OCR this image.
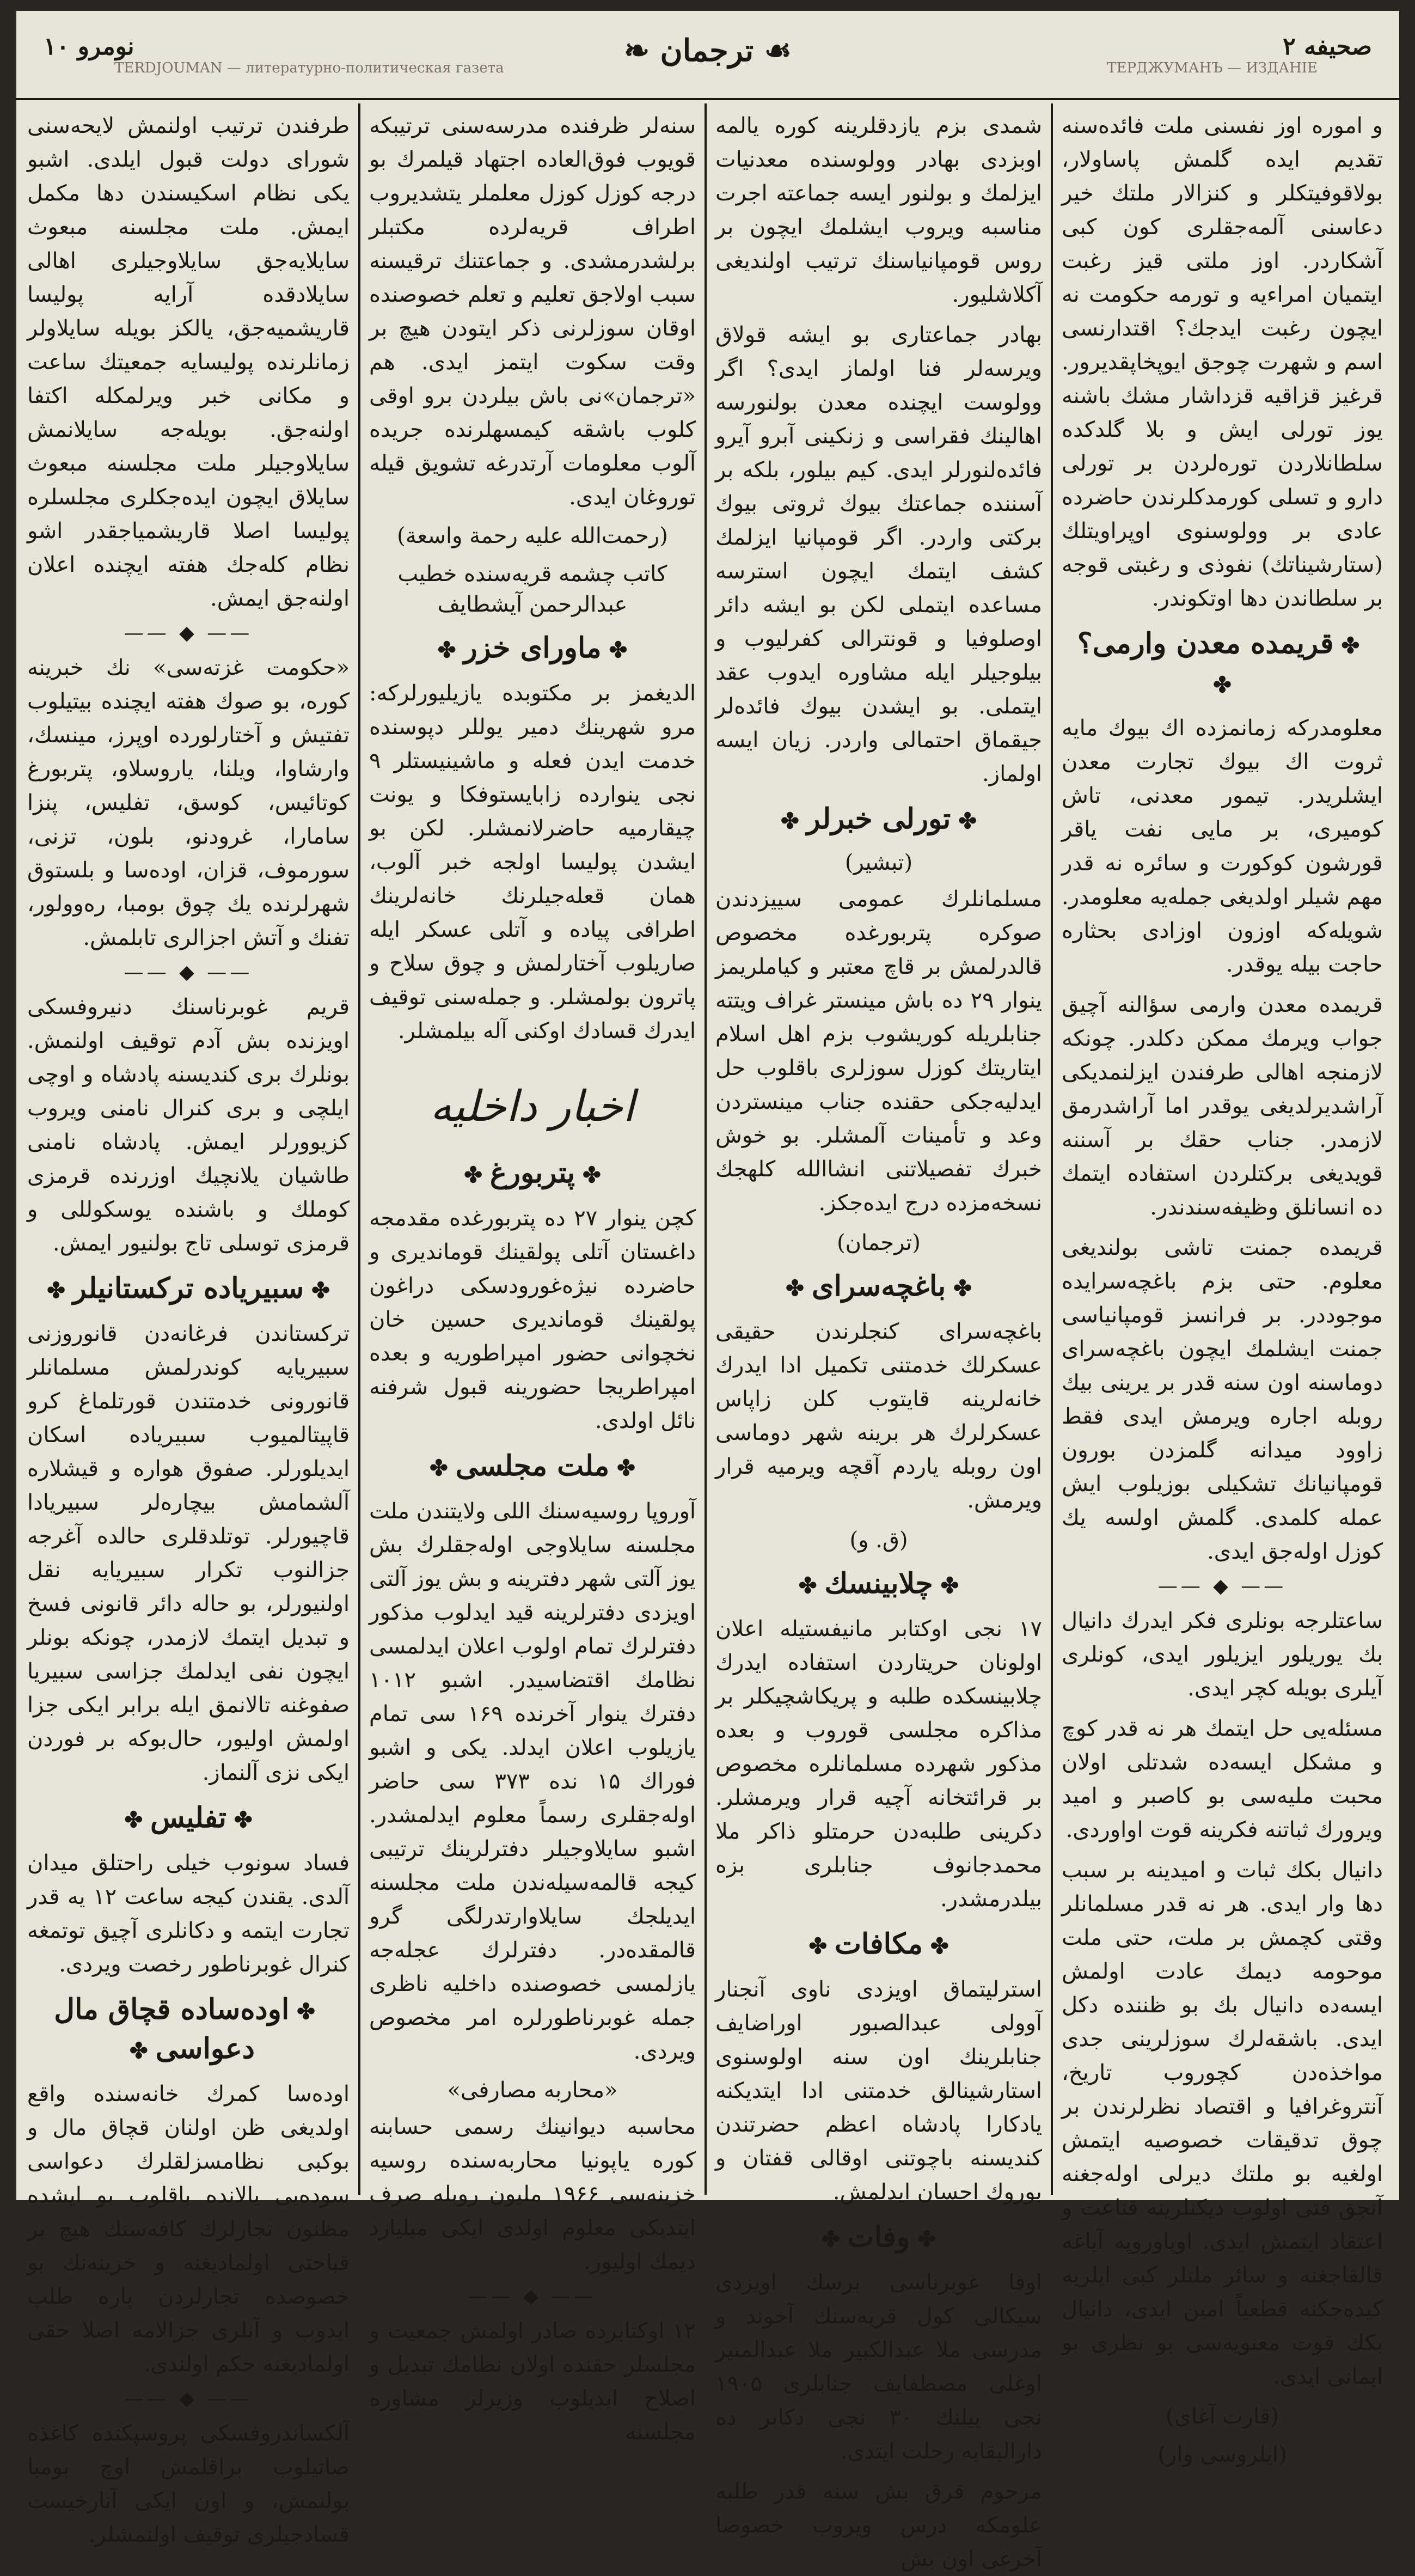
نومرو ۱۰	❧ ترجمان ☙	صحیفه ۲
TERDJOUMAN — литературно-политическая газета	ТЕРДЖУМАНЪ — ИЗДАНІЕ

و اموره اوز نفسنی ملت فائده‌سنه تقدیم ایده‌ گلمش پاساولار، بولاقوفیتکلر و کنزالار ملتك خیر دعاسنی آلمه‌جقلری کون کبی آشکاردر. اوز ملتی قیز رغبت ایتمیان امراءیه و تورمه حکومت نه ایچون رغبت ایدجك؟ اقتدارنسی اسم و شهرت چوجق ایوپخاپقدیرور. قرغیز قزاقیه قزداشار مشك باشنه یوز تورلی ایش و بلا گلدکده سلطانلاردن توره‌لردن بر تورلی دارو و تسلی کورمدکلرندن حاضرده عادی بر وولوسنوی اوپراویتلك (ستارشیناتك) نفوذی و رغبتی قوجه بر سلطاندن دها اوتکوندر.

✤قریمده معدن وارمی؟✤

معلومدرکه زمانمزده اك بیوك مایه ثروت اك بیوك تجارت معدن ایشلریدر. تیمور معدنی، تاش کومیری، بر مایی نفت یاقر قورشون کوکورت و سائره نه قدر مهم شیلر اولدیغی جمله‌یه معلومدر. شویله‌که اوزون اوزادی بحثاره حاجت بیله یوقدر.

قریمده معدن وارمی سؤالنه آچیق جواب ویرمك ممکن دکلدر. چونکه لازمنجه اهالی طرفندن ایزلنمدیکی آراشدیرلدیغی یوقدر اما آراشدرمق لازمدر. جناب حقك بر آسننه قویدیغی برکتلردن استفاده ایتمك ده انسانلق وظیفه‌سندندر.

قریمده جمنت تاشی بولندیغی معلوم. حتی بزم باغچه‌سرایده موجوددر. بر فرانسز قومپانیاسی جمنت ایشلمك ایچون باغچه‌سرای دوماسنه اون سنه قدر بر یرینی بیك روبله اجاره ویرمش ایدی فقط زاوود میدانه گلمزدن بورون قومپانیانك تشکیلی بوزیلوب ایش عمله کلمدی. گلمش اولسه یك کوزل اوله‌جق ایدی.

—— ◆ ——

ساعتلرجه بونلری فکر ایدرك دانیال بك یوریلور ایزیلور ایدی، کونلری آیلری بویله کچر ایدی.

مسئله‌یی حل ایتمك هر نه قدر کوچ و مشکل ایسه‌ده شدتلی اولان محبت ملیه‌سی بو کاصبر و امید ویرورك ثباتنه فکرینه قوت اواوردی.

دانیال بکك ثبات و امیدینه بر سبب دها وار ایدی. هر نه قدر مسلمانلر وقتی کچمش بر ملت، حتی ملت موحومه دیمك عادت اولمش ایسه‌ده دانیال بك بو ظننده دکل ایدی. باشقه‌لرك سوزلرینی جدی مواخذه‌دن کچوروب تاریخ، آنتروغرافیا و اقتصاد نظرلرندن بر چوق تدقیقات خصوصیه ایتمش اولغیه بو ملتك دیرلی اوله‌جغنه آنجق فتی اولوب دیکنلرینه قناعت و اعتقاد ایتمش ایدی. اوپاوروپه آیاغه قالقاجغنه و سائر ملتلر کبی ایلریه کیده‌جکنه قطعیاً امین ایدی، دانیال بکك قوت معنویه‌سی بو نظری بو ایمانی ایدی.

(قارت آغای)
(ایلروسی وار)

شمدی بزم یازدقلرینه کوره یالمه اوبزدی بهادر وولوسنده معدنیات ایزلمك و بولنور ایسه جماعته اجرت مناسبه ویروب ایشلمك ایچون بر روس قومپانیاسنك ترتیب اولندیغی آکلاشلیور.

بهادر جماعتاری بو ایشه قولاق ویرسه‌لر فنا اولماز ایدی؟ اگر وولوست ایچنده معدن بولنورسه اهالینك فقراسی و زنکینی آبرو آیرو فائده‌لنورلر ایدی. کیم بیلور، بلکه بر آسننده جماعتك بیوك ثروتی بیوك برکتی واردر. اگر قومپانیا ایزلمك کشف ایتمك ایچون استرسه مساعده ایتملی لکن بو ایشه دائر اوصلوفیا و قونترالی کفرلیوب و بیلوجیلر ایله مشاوره ایدوب عقد ایتملی. بو ایشدن بیوك فائده‌لر جیقماق احتمالی واردر. زیان ایسه اولماز.

✤تورلی خبرلر✤
(تبشیر)

مسلمانلرك عمومی سییزدندن صوکره پتربورغده مخصوص قالدرلمش بر قاچ معتبر و کیاملریمز ینوار ۲۹ ده باش مینستر غراف ویتته جنابلریله کوریشوب بزم اهل اسلام ایتاریتك کوزل سوزلری باقلوب حل ایدلیه‌جکی حقنده جناب مینستردن وعد و تأمینات آلمشلر. بو خوش خبرك تفصیلاتنی انشاالله کلهجك نسخه‌مزده درج ایده‌جکز.

(ترجمان)
✤باغچه‌سرای✤

باغچه‌سرای کنجلرندن حقیقی عسکرلك خدمتنی تکمیل ادا ایدرك خانه‌لرینه قایتوب کلن زاپاس عسکرلرك هر برینه شهر دوماسی اون روبله یاردم آقچه ویرمیه قرار ویرمش.

(ق. و)
✤چلابینسك✤

۱۷ نجی اوکتابر مانیفستیله اعلان اولونان حریتاردن استفاده ایدرك چلابینسکده طلبه و پریکاشچیکلر بر مذاکره مجلسی قوروب و بعده مذکور شهرده مسلمانلره مخصوص بر قرائتخانه آچیه قرار ویرمشلر. دکرینی طلبه‌دن حرمتلو ذاکر ملا محمدجانوف جنابلری بزه بیلدرمشدر.

✤مکافات✤

استرلیتماق اویزدی ناوی آنجنار آوولی عبدالصبور اوراضایف جنابلرینك اون سنه اولوسنوی استارشینالق خدمتنی ادا ایتدیکنه یادکارا پادشاه اعظم حضرتندن کندیسنه باچوتنی اوقالی قفتان و بوروك احسان ایدلمش.

✤وفات✤

اوفا غوبرناسی برسك اویزدی سیکالی کول قریه‌سنك آخوند و مدرسی ملا عبدالکبیر ملا عبدالمنیر اوغلی مصطفایف جنابلری ۱۹۰۵ نجی ییلنك ۳۰ نجی دکابر ده دارالبقایه رحلت ایتدی.

مرحوم قرق بش سنه قدر طلبه علومکه درس ویروب خصوصا آخرغی اون بش

سنه‌لر ظرفنده مدرسه‌سنی ترتیبکه قویوب فوق‌العاده اجتهاد قیلمرك بو درجه کوزل کوزل معلملر یتشدیروب اطراف قریه‌لرده مکتبلر برلشدرمشدی. و جماعتنك ترقیسنه سبب اولاجق تعلیم و تعلم خصوصنده اوقان سوزلرنی ذکر ایتودن هیچ بر وقت سکوت ایتمز ایدی. هم «ترجمان»نی باش بیلردن برو اوقی کلوب باشقه کیمسهلرنده جریده آلوب معلومات آرتدرغه تشویق قیله توروغان ایدی.

(رحمت‌الله علیه رحمة واسعة)
کاتب چشمه قریه‌سنده خطیب عبدالرحمن آیشطایف
✤ماورای خزر✤

الدیغمز بر مکتوبده یازیلیورلرکه: مرو شهرینك دمیر یوللر دپوسنده خدمت ایدن فعله و ماشینیستلر ۹ نجی ینوارده زابایستوفکا و یونت چیقارمیه حاضرلانمشلر. لکن بو ایشدن پولیسا اولجه خبر آلوب، همان قعله‌جیلرنك خانه‌لرینك اطرافی پیاده و آتلی عسکر ایله صاریلوب آختارلمش و چوق سلاح و پاترون بولمشلر. و جمله‌سنی توقیف ایدرك قسادك اوکنی آله بیلمشلر.

اخبار داخلیه
✤پتربورغ✤

کچن ینوار ۲۷ ده پتربورغده مقدمجه داغستان آتلی پولقینك قوماندیری و حاضرده نیژه‌غورودسکی دراغون پولقینك قوماندیری حسین خان نخچوانی حضور امپراطوریه و بعده امپراطریجا حضورینه قبول شرفنه نائل اولدی.

✤ملت مجلسی✤

آوروپا روسیه‌سنك اللی ولایتندن ملت مجلسنه سایلاوجی اوله‌جقلرك بش یوز آلتی شهر دفترینه و بش یوز آلتی اویزدی دفترلرینه قید ایدلوب مذکور دفترلرك تمام اولوب اعلان ایدلمسی نظامك اقتضاسیدر. اشبو ۱۰۱۲ دفترك ینوار آخرنده ۱۶۹ سی تمام یازیلوب اعلان ایدلد. یکی و اشبو فوراك ۱۵ نده ۳۷۳ سی حاضر اوله‌جقلری رسماً معلوم ایدلمشدر. اشبو سایلاوجیلر دفترلرینك ترتیبی کیجه قالمه‌سیله‌ندن ملت مجلسنه ایدیلجك سایلاوارتدرلگی گرو قالمقده‌در. دفترلرك عجله‌جه یازلمسی خصوصنده داخلیه ناظری جمله غوبرناطورلره امر مخصوص ویردی.

«محاربه مصارفی»

محاسبه دیوانینك رسمی حسابنه کوره یاپونیا محاربه‌سنده روسیه خزینه‌سی ۱۹۶۶ ملیون روبله صرف ایتدیکی معلوم اولدی ایکی میلیارد دیمك اولیور.

—— ◆ ——

۱۲ اوکتابرده صادر اولمش جمعیت و مجلسلر حقنده اولان نظامك تبدیل و اصلاح ایدیلوب وزیرلر مشاوره مجلسنه

طرفندن ترتیب اولنمش لایحه‌سنی شورای دولت قبول ایلدی. اشبو یکی نظام اسکیسندن دها مکمل ایمش. ملت مجلسنه مبعوث سایلایه‌جق سایلاوجیلری اهالی سایلادقده آرایه پولیسا قاریشمیه‌جق، یالکز بویله سایلاولر زمانلرنده پولیسایه جمعیتك ساعت و مکانی خبر ویرلمکله اکتفا اولنه‌جق. بویله‌جه سایلانمش سایلاوجیلر ملت مجلسنه مبعوث سایلاق ایچون ایده‌جکلری مجلسلره پولیسا اصلا قاریشمیاجقدر اشو نظام کله‌جك هفته ایچنده اعلان اولنه‌جق ایمش.

—— ◆ ——

«حکومت غزته‌سی» نك خبرینه کوره، بو صوك هفته ایچنده بیتیلوب تفتیش و آختارلورده اوپرز، مینسك، وارشاوا، ویلنا، یاروسلاو، پتربورغ کوتائیس، کوسق، تفلیس، پنزا سامارا، غرودنو، بلون، تزنی، سورموف، قزان، اوده‌سا و بلستوق شهرلرنده یك چوق بومبا، ره‌وولور، تفنك و آتش اجزالری تابلمش.

—— ◆ ——

قریم غوبرناسنك دنیروفسکی اویزنده بش آدم توقیف اولنمش. بونلرك بری کندیسنه پادشاه و اوچی ایلچی و بری کنرال نامنی ویروب کزیوورلر ایمش. پادشاه نامنی طاشیان یلانچیك اوزرنده قرمزی کوملك و باشنده یوسکوللی و قرمزی توسلی تاج بولنیور ایمش.

✤سبیریاده ترکستانیلر✤

ترکستاندن فرغانه‌دن قانوروزنی سبیریایه کوندرلمش مسلمانلر قانورونی خدمتندن قورتلماغ کرو قاپیتالمیوب سبیریاده اسکان ایدیلورلر. صفوق هواره و قیشلاره آلشمامش بیچاره‌لر سبیریادا قاچیورلر. توتلدقلری حالده آغرجه جزالنوب تکرار سبیریایه نقل اولنیورلر، بو حاله دائر قانونی فسخ و تبدیل ایتمك لازمدر، چونکه بونلر ایچون نفی ایدلمك جزاسی سبیریا صفوغنه تالانمق ایله برابر ایکی جزا اولمش اولیور، حال‌بوکه بر فوردن ایکی نزی آلنماز.

✤تفلیس✤

فساد سونوب خیلی راحتلق میدان آلدی. یقندن کیجه ساعت ۱۲ یه قدر تجارت ایتمه و دکانلری آچیق توتمغه کنرال غوبرناطور رخصت ویردی.

✤اوده‌ساده قچاق مال دعواسی✤

اوده‌سا کمرك خانه‌سنده واقع اولدیغی ظن اولنان قچاق مال و بوکبی نظامسزلقلرك دعواسی سوده‌یی یالانده باقلوب بو ایشده مظنون تجارلرك کافه‌سنك هیچ بر قباحتی اولمادیغنه و خزینه‌نك بو خصوصده تجارلردن پاره طلب ایدوب و آنلری جزالامه اصلا حقی اولمادیغنه حکم اولندی.

—— ◆ ——

آلکساندروفسکی پروسپکتده کاغذه صاتیلوب براقلمش اوچ بومبا بولنمش، و اون ایکی آنارخیست قسادجیلری توقیف اولنمشلر.
